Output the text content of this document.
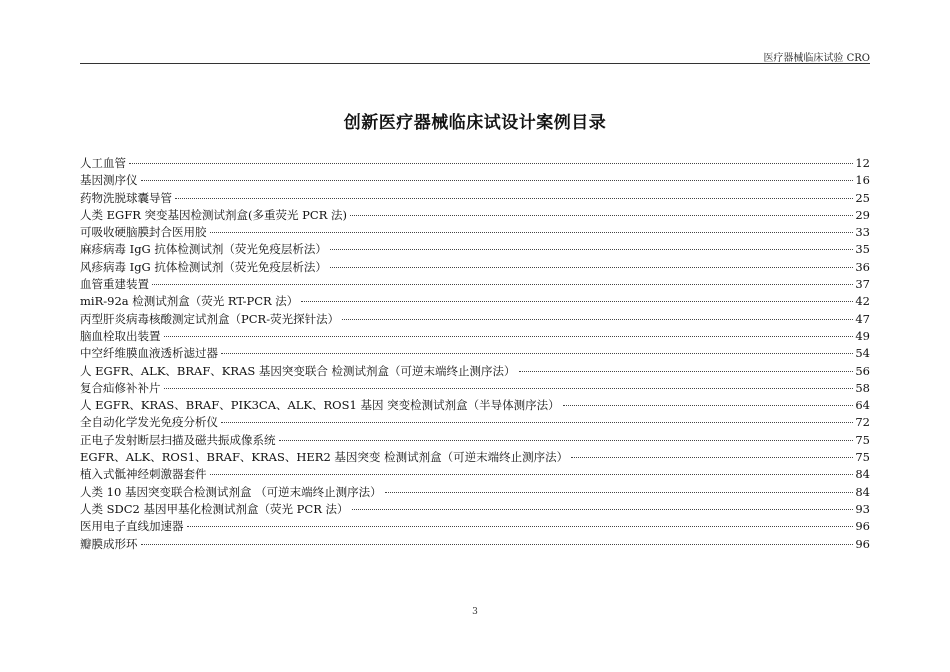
医疗器械临床试验 CRO
创新医疗器械临床试设计案例目录
人工血管	12
基因测序仪	16
药物洗脱球囊导管	25
人类 EGFR 突变基因检测试剂盒(多重荧光 PCR 法)	29
可吸收硬脑膜封合医用胶	33
麻疹病毒 IgG 抗体检测试剂（荧光免疫层析法）	35
风疹病毒 IgG 抗体检测试剂（荧光免疫层析法）	36
血管重建装置	37
miR-92a 检测试剂盒（荧光 RT-PCR 法）	42
丙型肝炎病毒核酸测定试剂盒（PCR-荧光探针法）	47
脑血栓取出装置	49
中空纤维膜血液透析滤过器	54
人 EGFR、ALK、BRAF、KRAS 基因突变联合 检测试剂盒（可逆末端终止测序法）	56
复合疝修补补片	58
人 EGFR、KRAS、BRAF、PIK3CA、ALK、ROS1 基因 突变检测试剂盒（半导体测序法）	64
全自动化学发光免疫分析仪	72
正电子发射断层扫描及磁共振成像系统	75
EGFR、ALK、ROS1、BRAF、KRAS、HER2 基因突变 检测试剂盒（可逆末端终止测序法）	75
植入式骶神经刺激器套件	84
人类 10 基因突变联合检测试剂盒 （可逆末端终止测序法）	84
人类 SDC2 基因甲基化检测试剂盒（荧光 PCR 法）	93
医用电子直线加速器	96
瓣膜成形环	96
3
